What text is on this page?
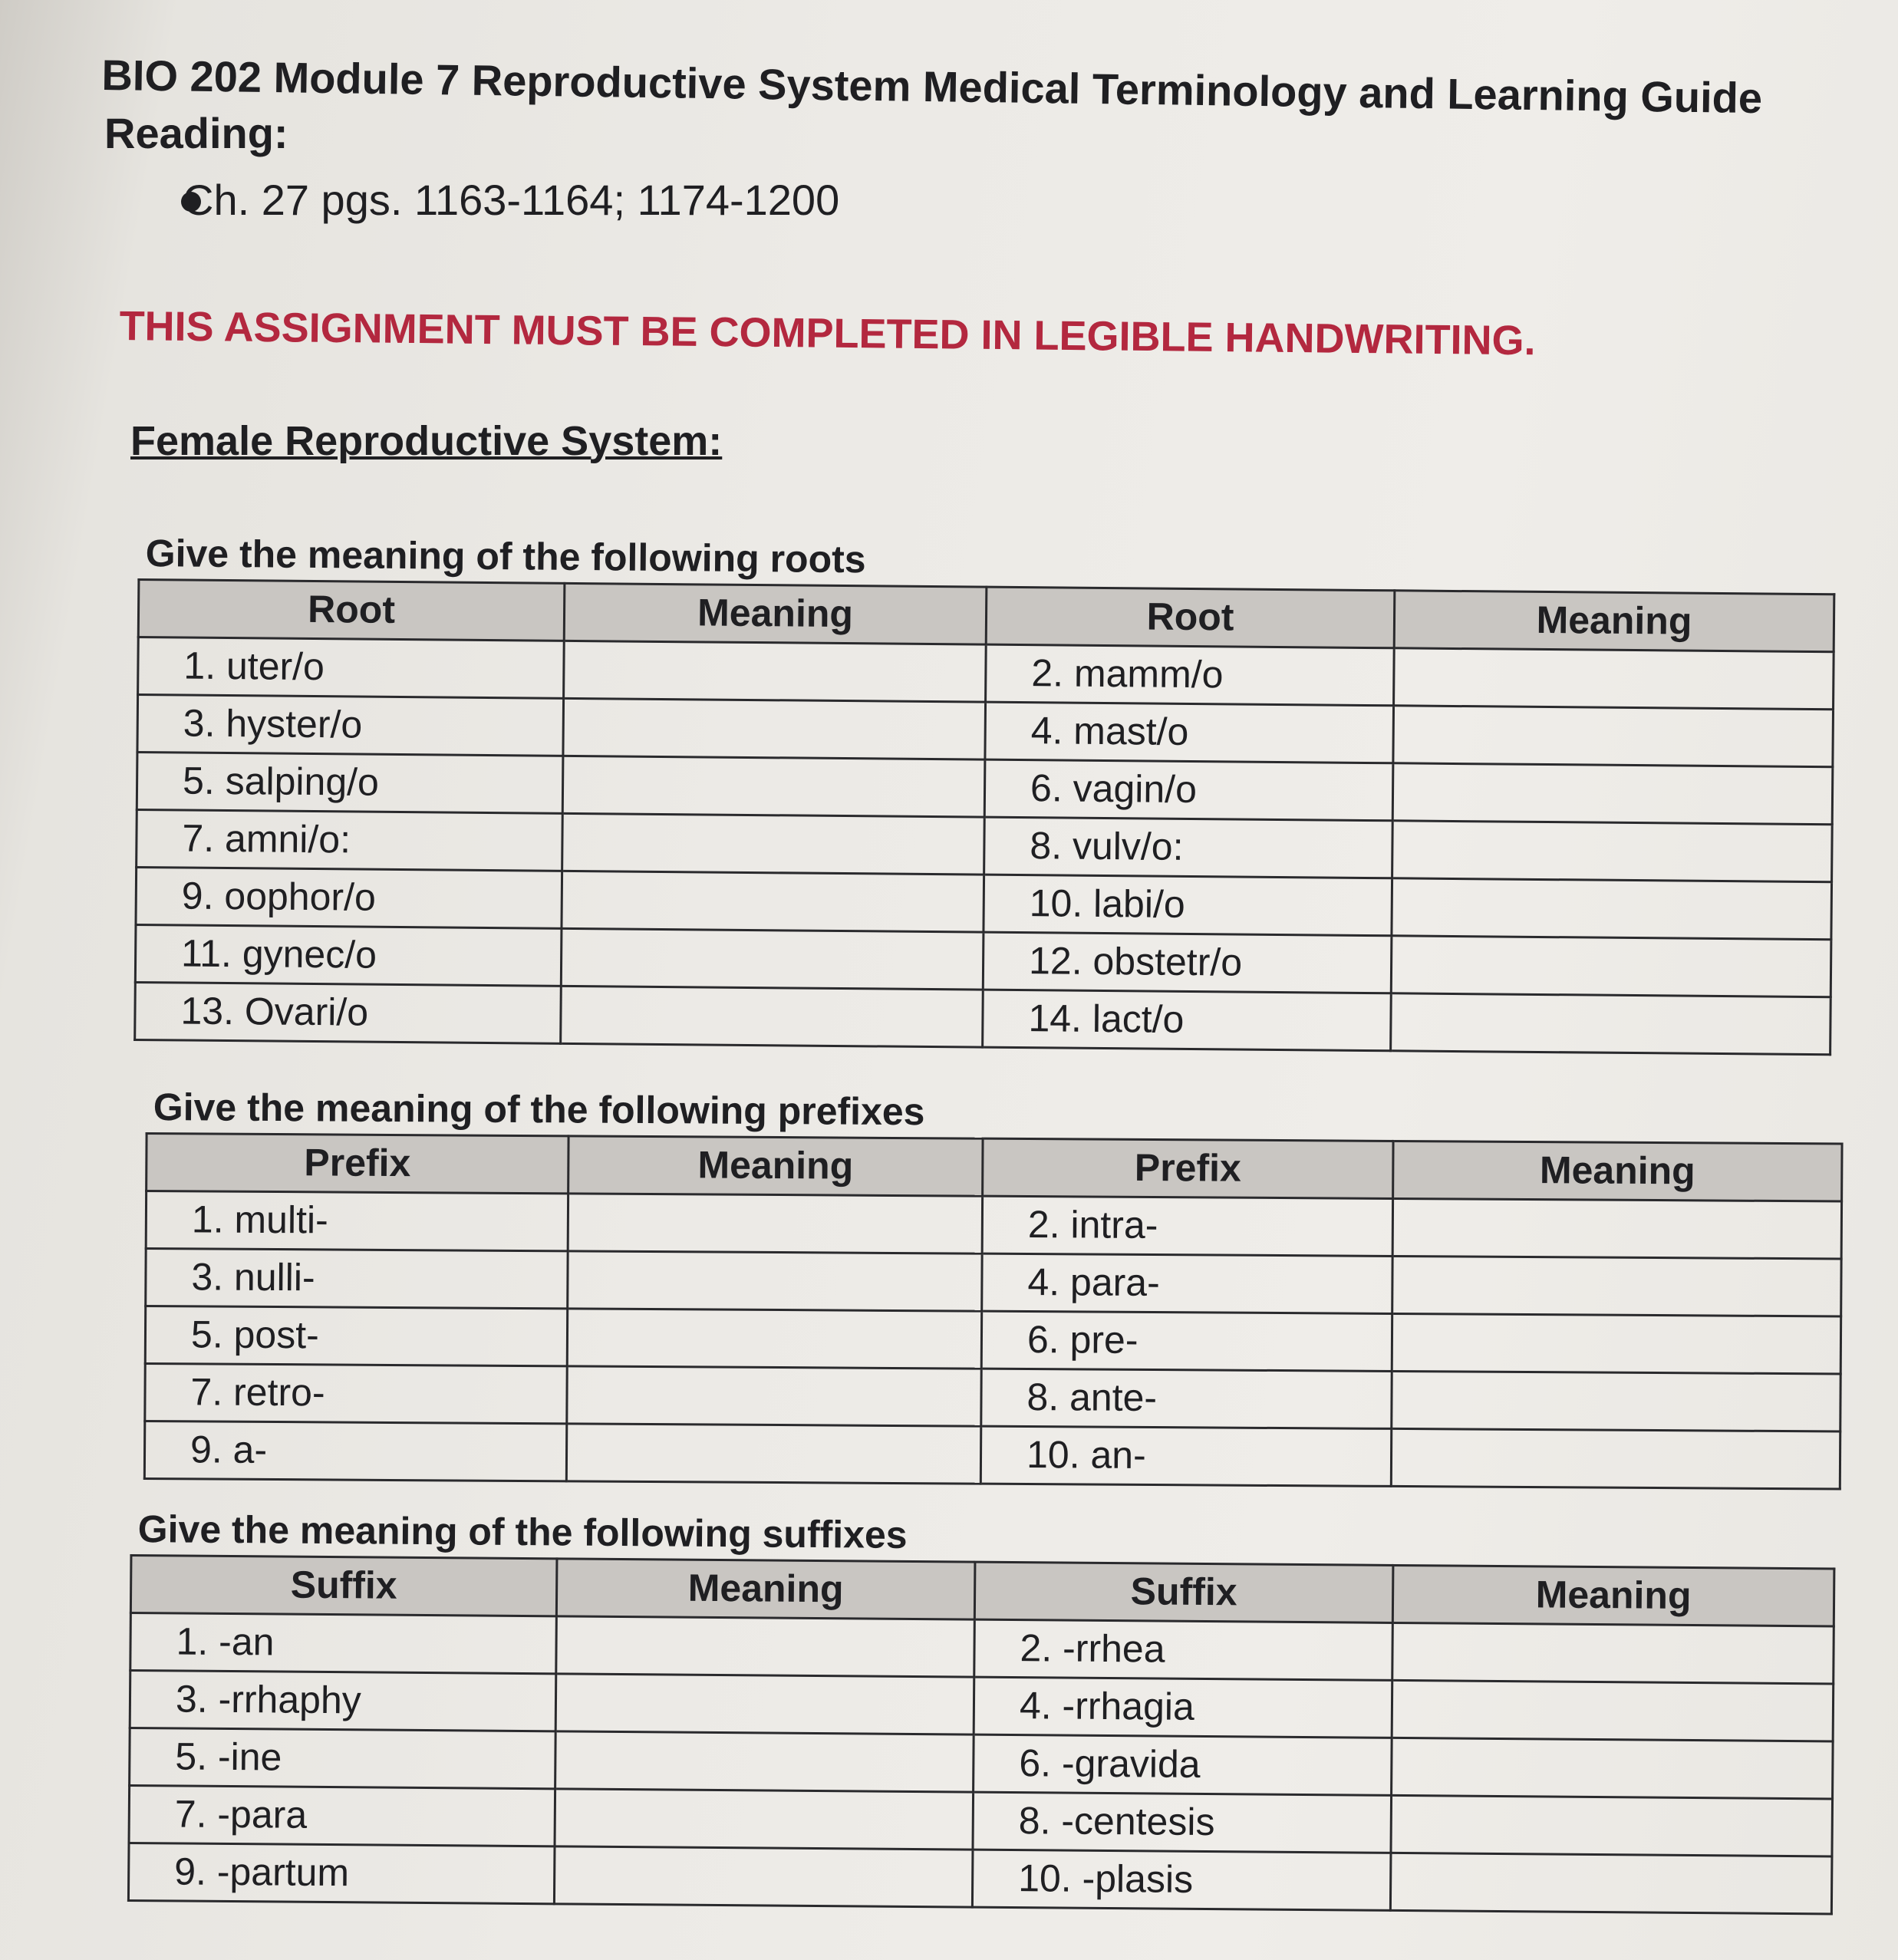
BIO 202 Module 7 Reproductive System Medical Terminology and Learning Guide
Reading:
Ch. 27 pgs. 1163-1164; 1174-1200
THIS ASSIGNMENT MUST BE COMPLETED IN LEGIBLE HANDWRITING.
Female Reproductive System:
Give the meaning of the following roots
Root	Meaning	Root	Meaning
1. uter/o		2. mamm/o	
3. hyster/o		4. mast/o	
5. salping/o		6. vagin/o	
7. amni/o:		8. vulv/o:	
9. oophor/o		10. labi/o	
11. gynec/o		12. obstetr/o	
13. Ovari/o		14. lact/o	
Give the meaning of the following prefixes
Prefix	Meaning	Prefix	Meaning
1. multi-		2. intra-	
3. nulli-		4. para-	
5. post-		6. pre-	
7. retro-		8. ante-	
9. a-		10. an-	
Give the meaning of the following suffixes
Suffix	Meaning	Suffix	Meaning
1. -an		2. -rrhea	
3. -rrhaphy		4. -rrhagia	
5. -ine		6. -gravida	
7. -para		8. -centesis	
9. -partum		10. -plasis	
